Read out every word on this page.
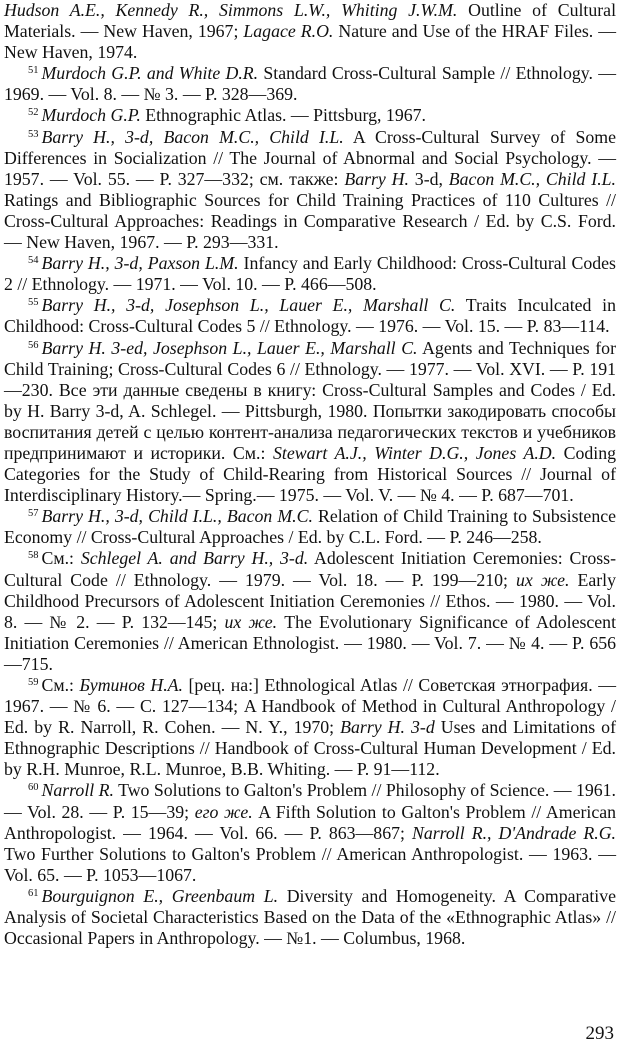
Hudson A.E., Kennedy R., Simmons L.W., Whiting J.W.M. Outline of Cultural Materials. — New Haven, 1967; Lagace R.O. Nature and Use of the HRAF Files. — New Haven, 1974.

$^{51}$ Murdoch G.P. and White D.R. Standard Cross-Cultural Sample // Ethnology. — 1969. — Vol. 8. — № 3. — P. 328—369.

$^{52}$ Murdoch G.P. Ethnographic Atlas. — Pittsburg, 1967.

$^{53}$ Barry H., 3-d, Bacon M.C., Child I.L. A Cross-Cultural Survey of Some Differences in Socialization // The Journal of Abnormal and Social Psychology. — 1957. — Vol. 55. — P. 327—332; см. также: Barry H. 3-d, Bacon M.C., Child I.L. Ratings and Bibliographic Sources for Child Training Practices of 110 Cultures // Cross-Cultural Approaches: Readings in Comparative Research / Ed. by C.S. Ford. — New Haven, 1967. — P. 293—331.

$^{54}$ Barry H., 3-d, Paxson L.M. Infancy and Early Childhood: Cross-Cultural Codes 2 // Ethnology. — 1971. — Vol. 10. — P. 466—508.

$^{55}$ Barry H., 3-d, Josephson L., Lauer E., Marshall C. Traits Inculcated in Childhood: Cross-Cultural Codes 5 // Ethnology. — 1976. — Vol. 15. — P. 83—114.

$^{56}$ Barry H. 3-ed, Josephson L., Lauer E., Marshall C. Agents and Techniques for Child Training; Cross-Cultural Codes 6 // Ethnology. — 1977. — Vol. XVI. — P. 191—230. Все эти данные сведены в книгу: Cross-Cultural Samples and Codes / Ed. by H. Barry 3-d, A. Schlegel. — Pittsburgh, 1980. Попытки закодировать способы воспитания детей с целью контент-анализа педагогических текстов и учебников предпринимают и историки. См.: Stewart A.J., Winter D.G., Jones A.D. Coding Categories for the Study of Child-Rearing from Historical Sources // Journal of Interdisciplinary History.— Spring.— 1975. — Vol. V. — № 4. — P. 687—701.

$^{57}$ Barry H., 3-d, Child I.L., Bacon M.C. Relation of Child Training to Subsistence Economy // Cross-Cultural Approaches / Ed. by C.L. Ford. — P. 246—258.

$^{58}$ См.: Schlegel A. and Barry H., 3-d. Adolescent Initiation Ceremonies: Cross-Cultural Code // Ethnology. — 1979. — Vol. 18. — P. 199—210; их же. Early Childhood Precursors of Adolescent Initiation Ceremonies // Ethos. — 1980. — Vol. 8. — № 2. — P. 132—145; их же. The Evolutionary Significance of Adolescent Initiation Ceremonies // American Ethnologist. — 1980. — Vol. 7. — № 4. — P. 656—715.

$^{59}$ См.: Бутинов Н.А. [рец. на:] Ethnological Atlas // Советская этнография. — 1967. — № 6. — С. 127—134; A Handbook of Method in Cultural Anthropology / Ed. by R. Narroll, R. Cohen. — N. Y., 1970; Barry H. 3-d Uses and Limitations of Ethnographic Descriptions // Handbook of Cross-Cultural Human Development / Ed. by R.H. Munroe, R.L. Munroe, B.B. Whiting. — P. 91—112.

$^{60}$ Narroll R. Two Solutions to Galton's Problem // Philosophy of Science. — 1961. — Vol. 28. — P. 15—39; его же. A Fifth Solution to Galton's Problem // American Anthropologist. — 1964. — Vol. 66. — P. 863—867; Narroll R., D'Andrade R.G. Two Further Solutions to Galton's Problem // American Anthropologist. — 1963. — Vol. 65. — P. 1053—1067.

$^{61}$ Bourguignon E., Greenbaum L. Diversity and Homogeneity. A Comparative Analysis of Societal Characteristics Based on the Data of the «Ethnographic Atlas» // Occasional Papers in Anthropology. — №1. — Columbus, 1968.

293
